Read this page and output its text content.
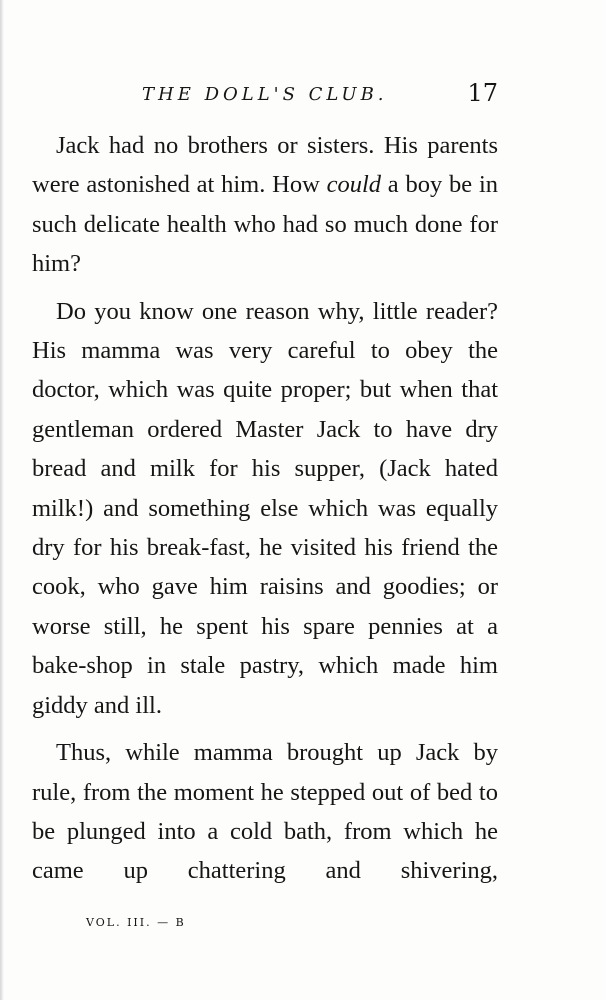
THE DOLL'S CLUB.	17

Jack had no brothers or sisters. His parents were astonished at him. How could a boy be in such delicate health who had so much done for him?

Do you know one reason why, little reader? His mamma was very careful to obey the doctor, which was quite proper; but when that gentleman ordered Master Jack to have dry bread and milk for his supper, (Jack hated milk!) and something else which was equally dry for his break-fast, he visited his friend the cook, who gave him raisins and goodies; or worse still, he spent his spare pennies at a bake-shop in stale pastry, which made him giddy and ill.

Thus, while mamma brought up Jack by rule, from the moment he stepped out of bed to be plunged into a cold bath, from which he came up chattering and shivering,

VOL. III. — B
